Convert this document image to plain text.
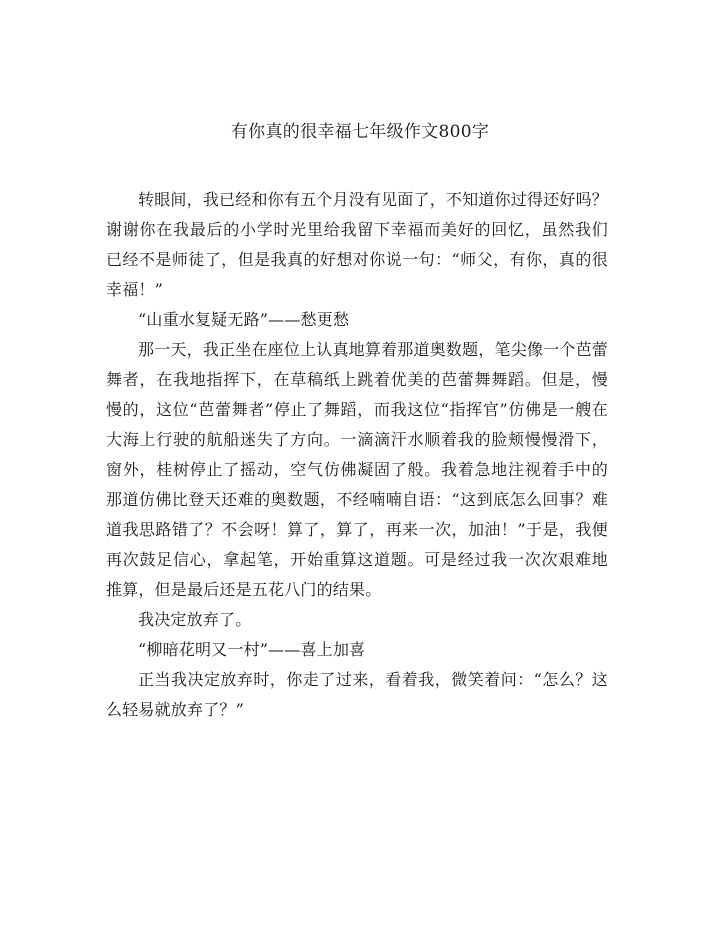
有你真的很幸福七年级作文800字

转眼间，我已经和你有五个月没有见面了，不知道你过得还好吗？谢谢你在我最后的小学时光里给我留下幸福而美好的回忆，虽然我们已经不是师徒了，但是我真的好想对你说一句：“师父，有你，真的很幸福！”

“山重水复疑无路”——愁更愁

那一天，我正坐在座位上认真地算着那道奥数题，笔尖像一个芭蕾舞者，在我地指挥下，在草稿纸上跳着优美的芭蕾舞舞蹈。但是，慢慢的，这位“芭蕾舞者”停止了舞蹈，而我这位“指挥官”仿佛是一艘在大海上行驶的航船迷失了方向。一滴滴汗水顺着我的脸颊慢慢滑下，窗外，桂树停止了摇动，空气仿佛凝固了般。我着急地注视着手中的那道仿佛比登天还难的奥数题，不经喃喃自语：“这到底怎么回事？难道我思路错了？不会呀！算了，算了，再来一次，加油！”于是，我便再次鼓足信心，拿起笔，开始重算这道题。可是经过我一次次艰难地推算，但是最后还是五花八门的结果。

我决定放弃了。

“柳暗花明又一村”——喜上加喜

正当我决定放弃时，你走了过来，看着我，微笑着问：“怎么？这么轻易就放弃了？”
